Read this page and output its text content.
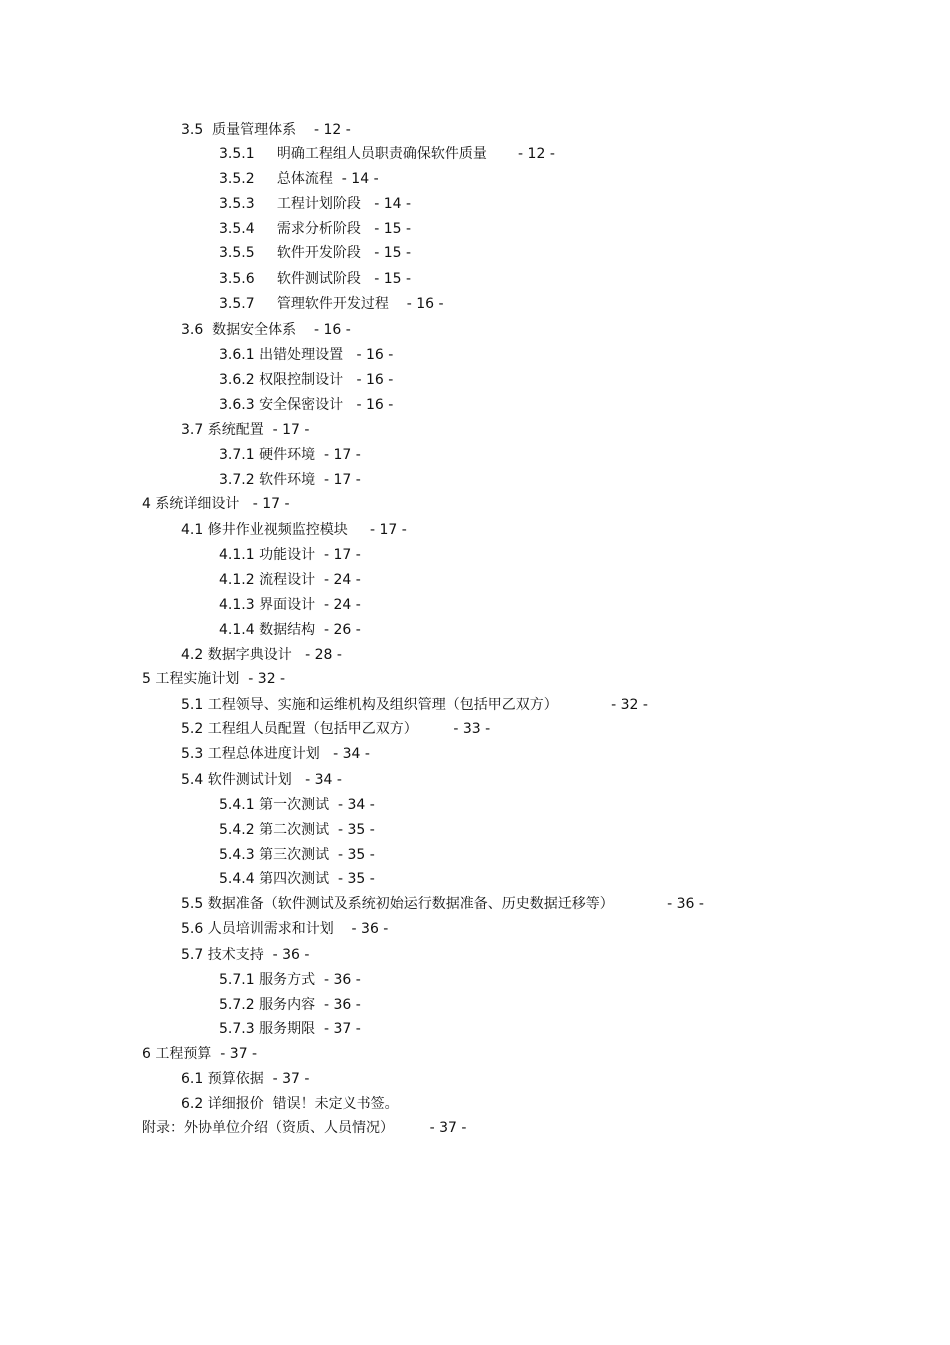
3.5 质量管理体系 - 12 -
3.5.1 明确工程组人员职责确保软件质量 - 12 -
3.5.2 总体流程 - 14 -
3.5.3 工程计划阶段 - 14 -
3.5.4 需求分析阶段 - 15 -
3.5.5 软件开发阶段 - 15 -
3.5.6 软件测试阶段 - 15 -
3.5.7 管理软件开发过程 - 16 -
3.6 数据安全体系 - 16 -
3.6.1 出错处理设置 - 16 -
3.6.2 权限控制设计 - 16 -
3.6.3 安全保密设计 - 16 -
3.7 系统配置 - 17 -
3.7.1 硬件环境 - 17 -
3.7.2 软件环境 - 17 -
4 系统详细设计 - 17 -
4.1 修井作业视频监控模块 - 17 -
4.1.1 功能设计 - 17 -
4.1.2 流程设计 - 24 -
4.1.3 界面设计 - 24 -
4.1.4 数据结构 - 26 -
4.2 数据字典设计 - 28 -
5 工程实施计划 - 32 -
5.1 工程领导、实施和运维机构及组织管理（包括甲乙双方）	- 32 -
5.2 工程组人员配置（包括甲乙双方）	- 33 -
5.3 工程总体进度计划 - 34 -
5.4 软件测试计划 - 34 -
5.4.1 第一次测试 - 34 -
5.4.2 第二次测试 - 35 -
5.4.3 第三次测试 - 35 -
5.4.4 第四次测试 - 35 -
5.5 数据准备（软件测试及系统初始运行数据准备、历史数据迁移等）	- 36 -
5.6 人员培训需求和计划 - 36 -
5.7 技术支持 - 36 -
5.7.1 服务方式 - 36 -
5.7.2 服务内容 - 36 -
5.7.3 服务期限 - 37 -
6 工程预算 - 37 -
6.1 预算依据 - 37 -
6.2 详细报价 错误！未定义书签。
附录：外协单位介绍（资质、人员情况）	- 37 -
